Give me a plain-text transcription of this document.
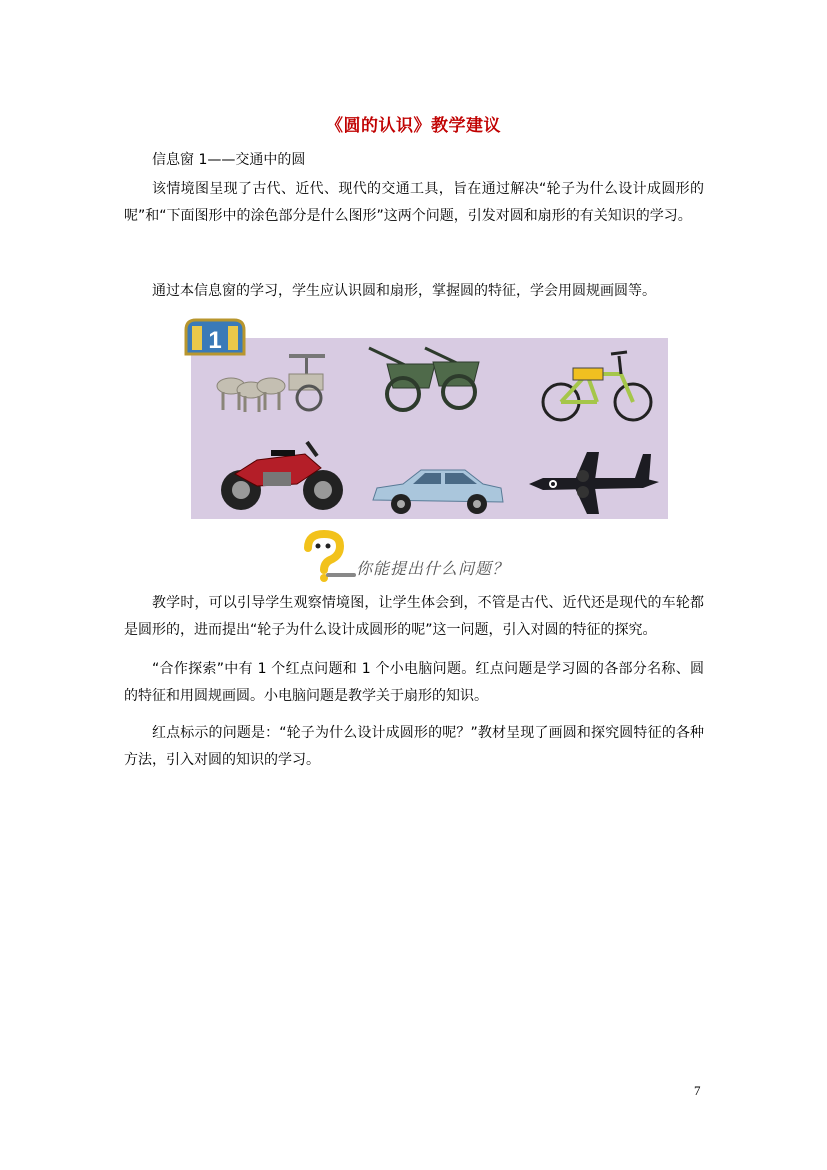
《圆的认识》教学建议

信息窗 1——交通中的圆

该情境图呈现了古代、近代、现代的交通工具，旨在通过解决“轮子为什么设计成圆形的呢”和“下面图形中的涂色部分是什么图形”这两个问题，引发对圆和扇形的有关知识的学习。

通过本信息窗的学习，学生应认识圆和扇形，掌握圆的特征，学会用圆规画圆等。

1
你能提出什么问题？

教学时，可以引导学生观察情境图，让学生体会到，不管是古代、近代还是现代的车轮都是圆形的，进而提出“轮子为什么设计成圆形的呢”这一问题，引入对圆的特征的探究。

“合作探索”中有 1 个红点问题和 1 个小电脑问题。红点问题是学习圆的各部分名称、圆的特征和用圆规画圆。小电脑问题是教学关于扇形的知识。

红点标示的问题是：“轮子为什么设计成圆形的呢？”教材呈现了画圆和探究圆特征的各种方法，引入对圆的知识的学习。

7
